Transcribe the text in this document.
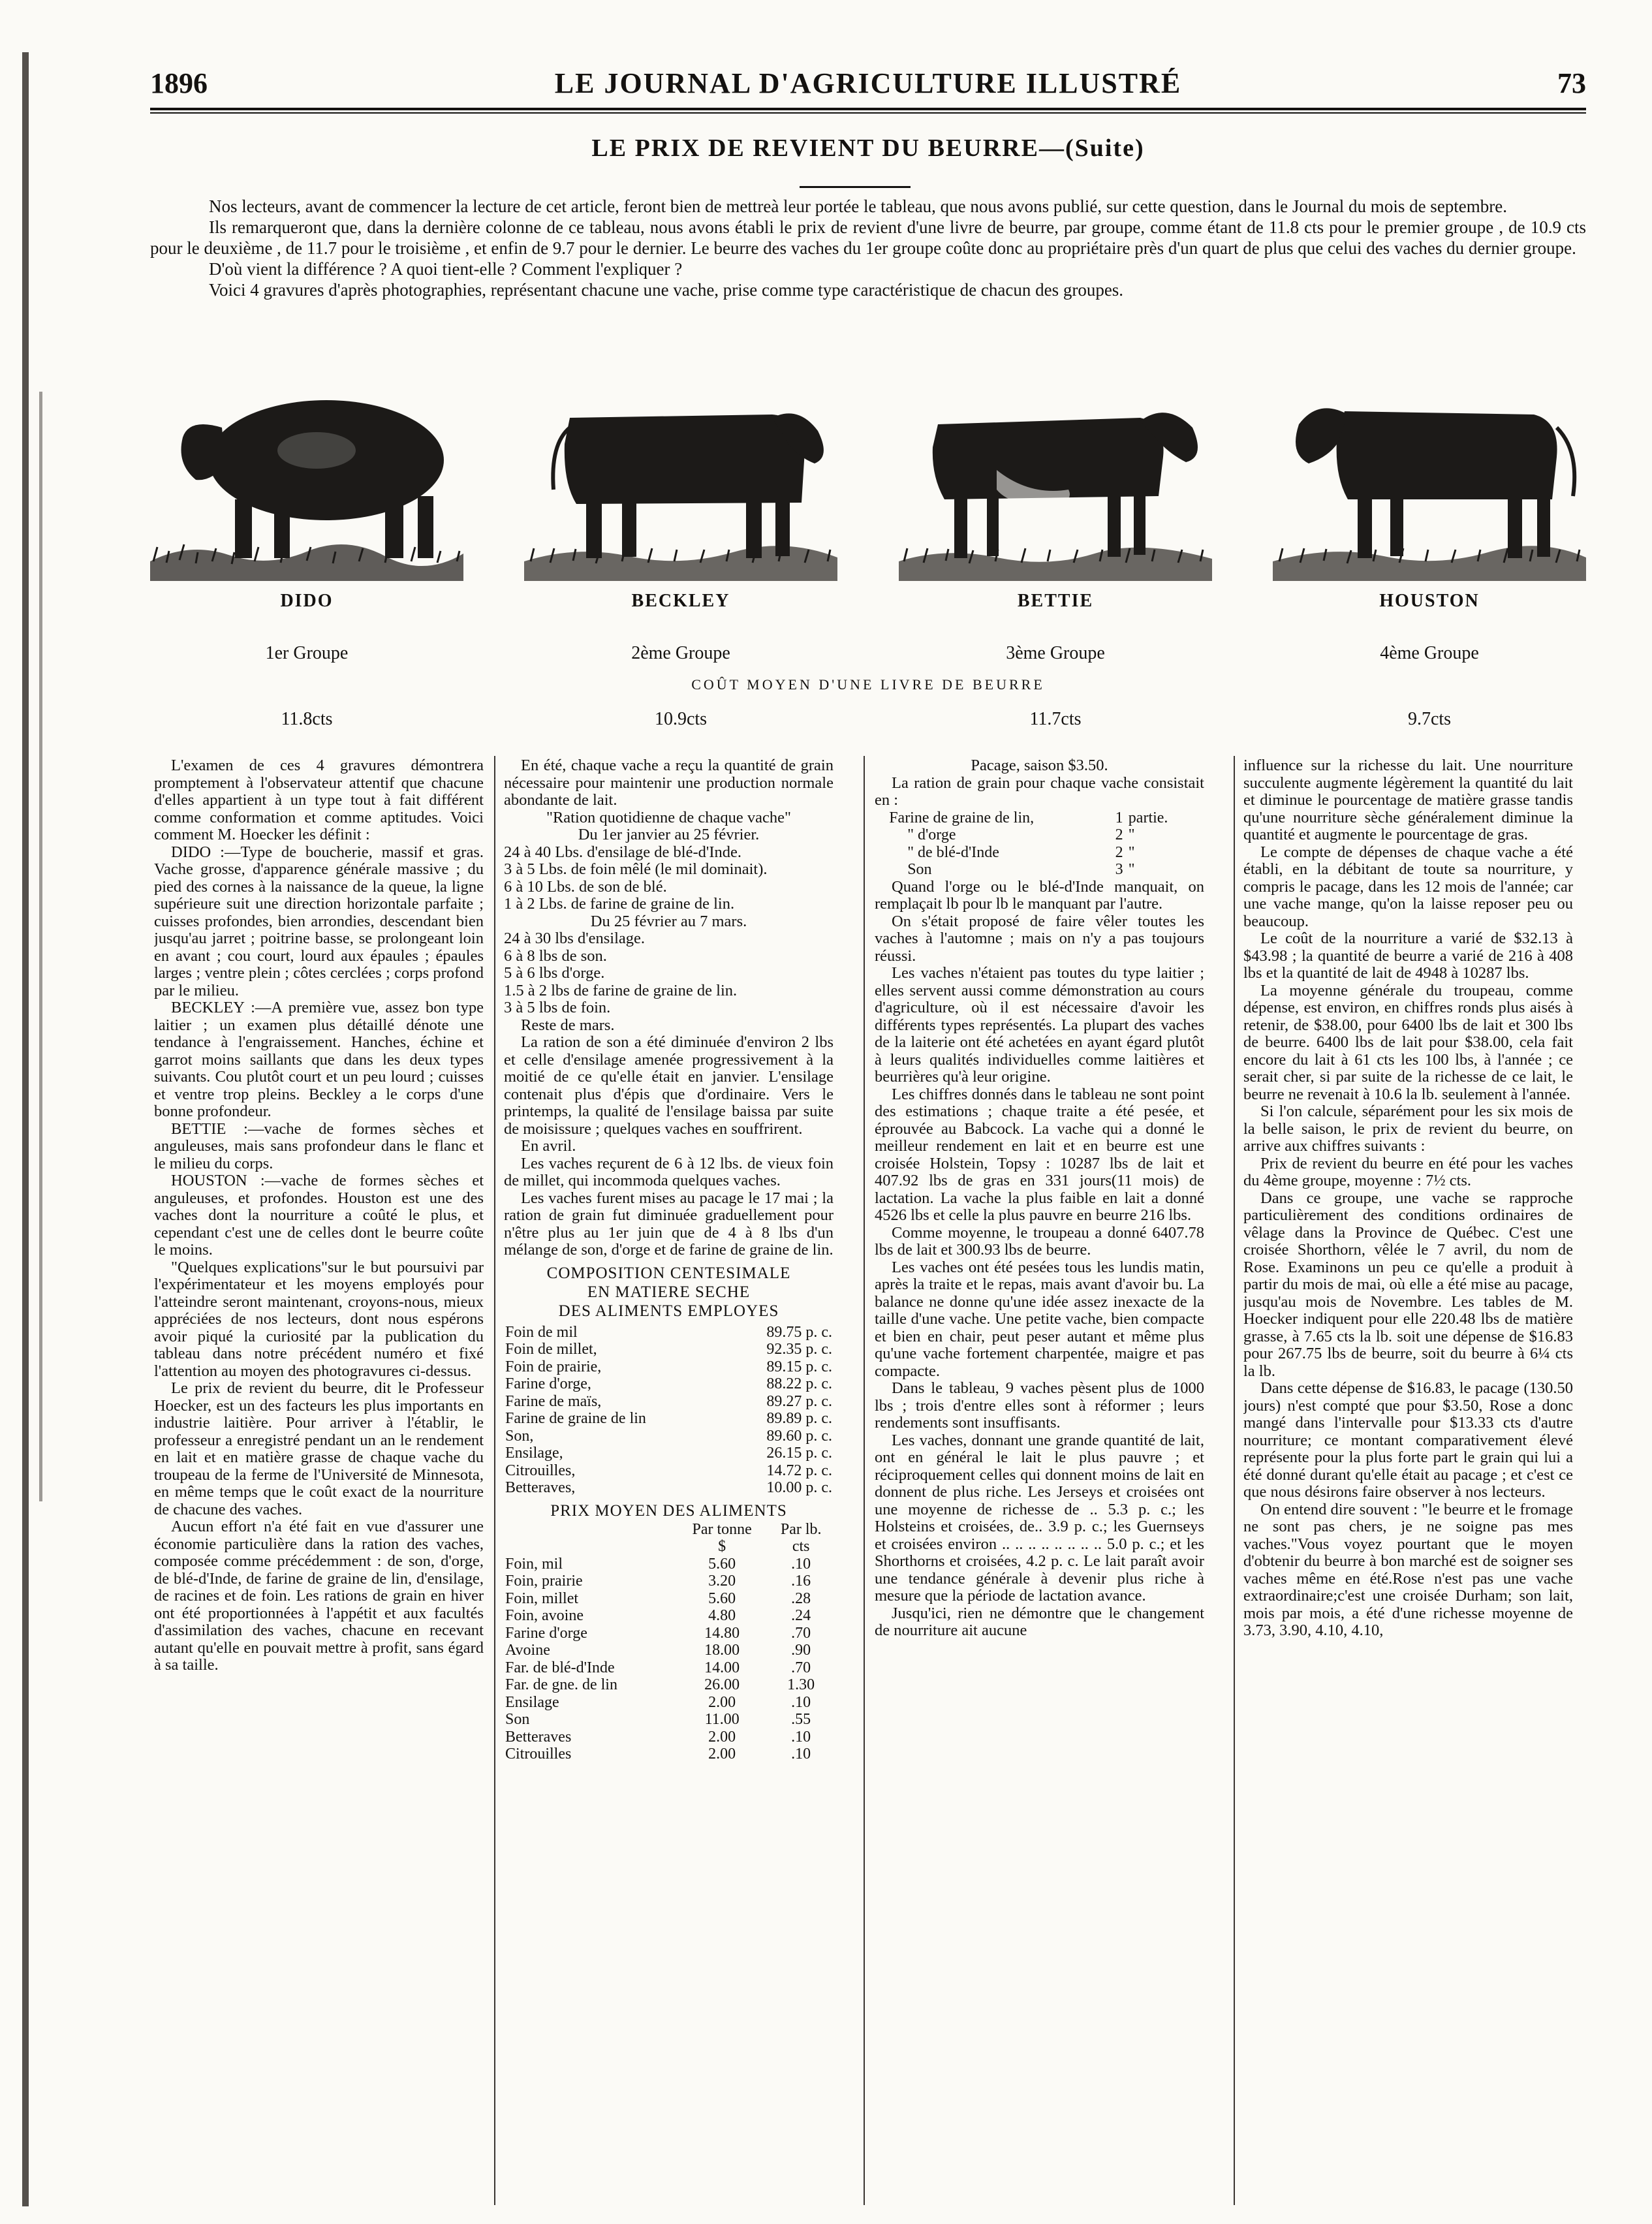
1896	LE JOURNAL D'AGRICULTURE ILLUSTRÉ	73
LE PRIX DE REVIENT DU BEURRE—(Suite)

Nos lecteurs, avant de commencer la lecture de cet article, feront bien de mettreà leur portée le tableau, que nous avons publié, sur cette question, dans le Journal du mois de septembre.

Ils remarqueront que, dans la dernière colonne de ce tableau, nous avons établi le prix de revient d'une livre de beurre, par groupe, comme étant de 11.8 cts pour le premier groupe , de 10.9 cts pour le deuxième , de 11.7 pour le troisième , et enfin de 9.7 pour le dernier. Le beurre des vaches du 1er groupe coûte donc au propriétaire près d'un quart de plus que celui des vaches du dernier groupe.

D'où vient la différence ? A quoi tient-elle ? Comment l'expliquer ?

Voici 4 gravures d'après photographies, représentant chacune une vache, prise comme type caractéristique de chacun des groupes.

DIDO	BECKLEY	BETTIE	HOUSTON
1er Groupe	2ème Groupe	3ème Groupe	4ème Groupe
COÛT MOYEN D'UNE LIVRE DE BEURRE
11.8cts	10.9cts	11.7cts	9.7cts

L'examen de ces 4 gravures démontrera promptement à l'observateur attentif que chacune d'elles appartient à un type tout à fait différent comme conformation et comme aptitudes. Voici comment M. Hoecker les définit :

DIDO :—Type de boucherie, massif et gras. Vache grosse, d'apparence générale massive ; du pied des cornes à la naissance de la queue, la ligne supérieure suit une direction horizontale parfaite ; cuisses profondes, bien arrondies, descendant bien jusqu'au jarret ; poitrine basse, se prolongeant loin en avant ; cou court, lourd aux épaules ; épaules larges ; ventre plein ; côtes cerclées ; corps profond par le milieu.

BECKLEY :—A première vue, assez bon type laitier ; un examen plus détaillé dénote une tendance à l'engraissement. Hanches, échine et garrot moins saillants que dans les deux types suivants. Cou plutôt court et un peu lourd ; cuisses et ventre trop pleins. Beckley a le corps d'une bonne profondeur.

BETTIE :—vache de formes sèches et anguleuses, mais sans profondeur dans le flanc et le milieu du corps.

HOUSTON :—vache de formes sèches et anguleuses, et profondes. Houston est une des vaches dont la nourriture a coûté le plus, et cependant c'est une de celles dont le beurre coûte le moins.

"Quelques explications"sur le but poursuivi par l'expérimentateur et les moyens employés pour l'atteindre seront maintenant, croyons-nous, mieux appréciées de nos lecteurs, dont nous espérons avoir piqué la curiosité par la publication du tableau dans notre précédent numéro et fixé l'attention au moyen des photogravures ci-dessus.

Le prix de revient du beurre, dit le Professeur Hoecker, est un des facteurs les plus importants en industrie laitière. Pour arriver à l'établir, le professeur a enregistré pendant un an le rendement en lait et en matière grasse de chaque vache du troupeau de la ferme de l'Université de Minnesota, en même temps que le coût exact de la nourriture de chacune des vaches.

Aucun effort n'a été fait en vue d'assurer une économie particulière dans la ration des vaches, composée comme précédemment : de son, d'orge, de blé-d'Inde, de farine de graine de lin, d'ensilage, de racines et de foin. Les rations de grain en hiver ont été proportionnées à l'appétit et aux facultés d'assimilation des vaches, chacune en recevant autant qu'elle en pouvait mettre à profit, sans égard à sa taille.

En été, chaque vache a reçu la quantité de grain nécessaire pour maintenir une production normale abondante de lait.

"Ration quotidienne de chaque vache"

Du 1er janvier au 25 février.

24 à 40 Lbs. d'ensilage de blé-d'Inde.

3 à 5 Lbs. de foin mêlé (le mil dominait).

6 à 10 Lbs. de son de blé.

1 à 2 Lbs. de farine de graine de lin.

Du 25 février au 7 mars.

24 à 30 lbs d'ensilage.

6 à 8 lbs de son.

5 à 6 lbs d'orge.

1.5 à 2 lbs de farine de graine de lin.

3 à 5 lbs de foin.

Reste de mars.

La ration de son a été diminuée d'environ 2 lbs et celle d'ensilage amenée progressivement à la moitié de ce qu'elle était en janvier. L'ensilage contenait plus d'épis que d'ordinaire. Vers le printemps, la qualité de l'ensilage baissa par suite de moisissure ; quelques vaches en souffrirent.

En avril.

Les vaches reçurent de 6 à 12 lbs. de vieux foin de millet, qui incommoda quelques vaches.

Les vaches furent mises au pacage le 17 mai ; la ration de grain fut diminuée graduellement pour n'être plus au 1er juin que de 4 à 8 lbs d'un mélange de son, d'orge et de farine de graine de lin.

COMPOSITION CENTESIMALE
EN MATIERE SECHE
DES ALIMENTS EMPLOYES
Foin de mil	89.75 p. c.
Foin de millet,	92.35 p. c.
Foin de prairie,	89.15 p. c.
Farine d'orge,	88.22 p. c.
Farine de maïs,	89.27 p. c.
Farine de graine de lin	89.89 p. c.
Son,	89.60 p. c.
Ensilage,	26.15 p. c.
Citrouilles,	14.72 p. c.
Betteraves,	10.00 p. c.
PRIX MOYEN DES ALIMENTS
	Par tonne	Par lb.
	$	cts
Foin, mil	5.60	.10
Foin, prairie	3.20	.16
Foin, millet	5.60	.28
Foin, avoine	4.80	.24
Farine d'orge	14.80	.70
Avoine	18.00	.90
Far. de blé-d'Inde	14.00	.70
Far. de gne. de lin	26.00	1.30
Ensilage	2.00	.10
Son	11.00	.55
Betteraves	2.00	.10
Citrouilles	2.00	.10

Pacage, saison $3.50.

La ration de grain pour chaque vache consistait en :

Farine de graine de lin,	1	partie.
" d'orge	2	"
" de blé-d'Inde	2	"
Son	3	"

Quand l'orge ou le blé-d'Inde manquait, on remplaçait lb pour lb le manquant par l'autre.

On s'était proposé de faire vêler toutes les vaches à l'automne ; mais on n'y a pas toujours réussi.

Les vaches n'étaient pas toutes du type laitier ; elles servent aussi comme démonstration au cours d'agriculture, où il est nécessaire d'avoir les différents types représentés. La plupart des vaches de la laiterie ont été achetées en ayant égard plutôt à leurs qualités individuelles comme laitières et beurrières qu'à leur origine.

Les chiffres donnés dans le tableau ne sont point des estimations ; chaque traite a été pesée, et éprouvée au Babcock. La vache qui a donné le meilleur rendement en lait et en beurre est une croisée Holstein, Topsy : 10287 lbs de lait et 407.92 lbs de gras en 331 jours(11 mois) de lactation. La vache la plus faible en lait a donné 4526 lbs et celle la plus pauvre en beurre 216 lbs.

Comme moyenne, le troupeau a donné 6407.78 lbs de lait et 300.93 lbs de beurre.

Les vaches ont été pesées tous les lundis matin, après la traite et le repas, mais avant d'avoir bu. La balance ne donne qu'une idée assez inexacte de la taille d'une vache. Une petite vache, bien compacte et bien en chair, peut peser autant et même plus qu'une vache fortement charpentée, maigre et pas compacte.

Dans le tableau, 9 vaches pèsent plus de 1000 lbs ; trois d'entre elles sont à réformer ; leurs rendements sont insuffisants.

Les vaches, donnant une grande quantité de lait, ont en général le lait le plus pauvre ; et réciproquement celles qui donnent moins de lait en donnent de plus riche. Les Jerseys et croisées ont une moyenne de richesse de .. 5.3 p. c.; les Holsteins et croisées, de.. 3.9 p. c.; les Guernseys et croisées environ .. .. .. .. .. .. .. .. 5.0 p. c.; et les Shorthorns et croisées, 4.2 p. c. Le lait paraît avoir une tendance générale à devenir plus riche à mesure que la période de lactation avance.

Jusqu'ici, rien ne démontre que le changement de nourriture ait aucune

influence sur la richesse du lait. Une nourriture succulente augmente légèrement la quantité du lait et diminue le pourcentage de matière grasse tandis qu'une nourriture sèche généralement diminue la quantité et augmente le pourcentage de gras.

Le compte de dépenses de chaque vache a été établi, en la débitant de toute sa nourriture, y compris le pacage, dans les 12 mois de l'année; car une vache mange, qu'on la laisse reposer peu ou beaucoup.

Le coût de la nourriture a varié de $32.13 à $43.98 ; la quantité de beurre a varié de 216 à 408 lbs et la quantité de lait de 4948 à 10287 lbs.

La moyenne générale du troupeau, comme dépense, est environ, en chiffres ronds plus aisés à retenir, de $38.00, pour 6400 lbs de lait et 300 lbs de beurre. 6400 lbs de lait pour $38.00, cela fait encore du lait à 61 cts les 100 lbs, à l'année ; ce serait cher, si par suite de la richesse de ce lait, le beurre ne revenait à 10.6 la lb. seulement à l'année.

Si l'on calcule, séparément pour les six mois de la belle saison, le prix de revient du beurre, on arrive aux chiffres suivants :

Prix de revient du beurre en été pour les vaches du 4ème groupe, moyenne : 7½ cts.

Dans ce groupe, une vache se rapproche particulièrement des conditions ordinaires de vêlage dans la Province de Québec. C'est une croisée Shorthorn, vêlée le 7 avril, du nom de Rose. Examinons un peu ce qu'elle a produit à partir du mois de mai, où elle a été mise au pacage, jusqu'au mois de Novembre. Les tables de M. Hoecker indiquent pour elle 220.48 lbs de matière grasse, à 7.65 cts la lb. soit une dépense de $16.83 pour 267.75 lbs de beurre, soit du beurre à 6¼ cts la lb.

Dans cette dépense de $16.83, le pacage (130.50 jours) n'est compté que pour $3.50, Rose a donc mangé dans l'intervalle pour $13.33 cts d'autre nourriture; ce montant comparativement élevé représente pour la plus forte part le grain qui lui a été donné durant qu'elle était au pacage ; et c'est ce que nous désirons faire observer à nos lecteurs.

On entend dire souvent : "le beurre et le fromage ne sont pas chers, je ne soigne pas mes vaches."Vous voyez pourtant que le moyen d'obtenir du beurre à bon marché est de soigner ses vaches même en été.Rose n'est pas une vache extraordinaire;c'est une croisée Durham; son lait, mois par mois, a été d'une richesse moyenne de 3.73, 3.90, 4.10, 4.10,
